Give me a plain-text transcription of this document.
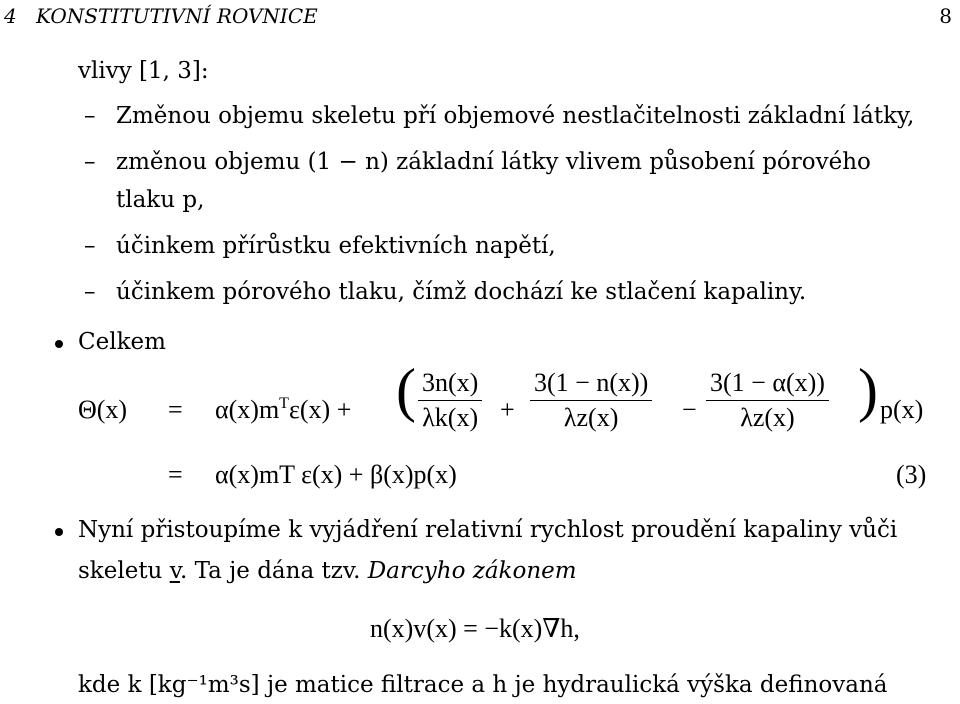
4 KONSTITUTIVNÍ ROVNICE	8
vlivy [1, 3]:
– Změnou objemu skeletu pří objemové nestlačitelnosti základní látky,
– změnou objemu (1 − n) základní látky vlivem působení pórového
tlaku p,
– účinkem přírůstku efektivních napětí,
– účinkem pórového tlaku, čímž dochází ke stlačení kapaliny.
Celkem
$\Theta(x) = \alpha(x)m^T\varepsilon(x)$ + ( $\frac{3n(x)}{\lambda k(x)} + \frac{3(1 - n(x))}{\lambda z(x)} - \frac{3(1 - \alpha(x))}{\lambda z(x)}$ ) p(x)
= α(x)mT ε(x) + β(x)p(x)	(3)
Nyní přistoupíme k vyjádření relativní rychlost proudění kapaliny vůči
skeletu v. Ta je dána tzv. Darcyho zákonem
n(x)v(x) = −k(x)∇h,
kde k [kg⁻¹m³s] je matice filtrace a h je hydraulická výška definovaná
